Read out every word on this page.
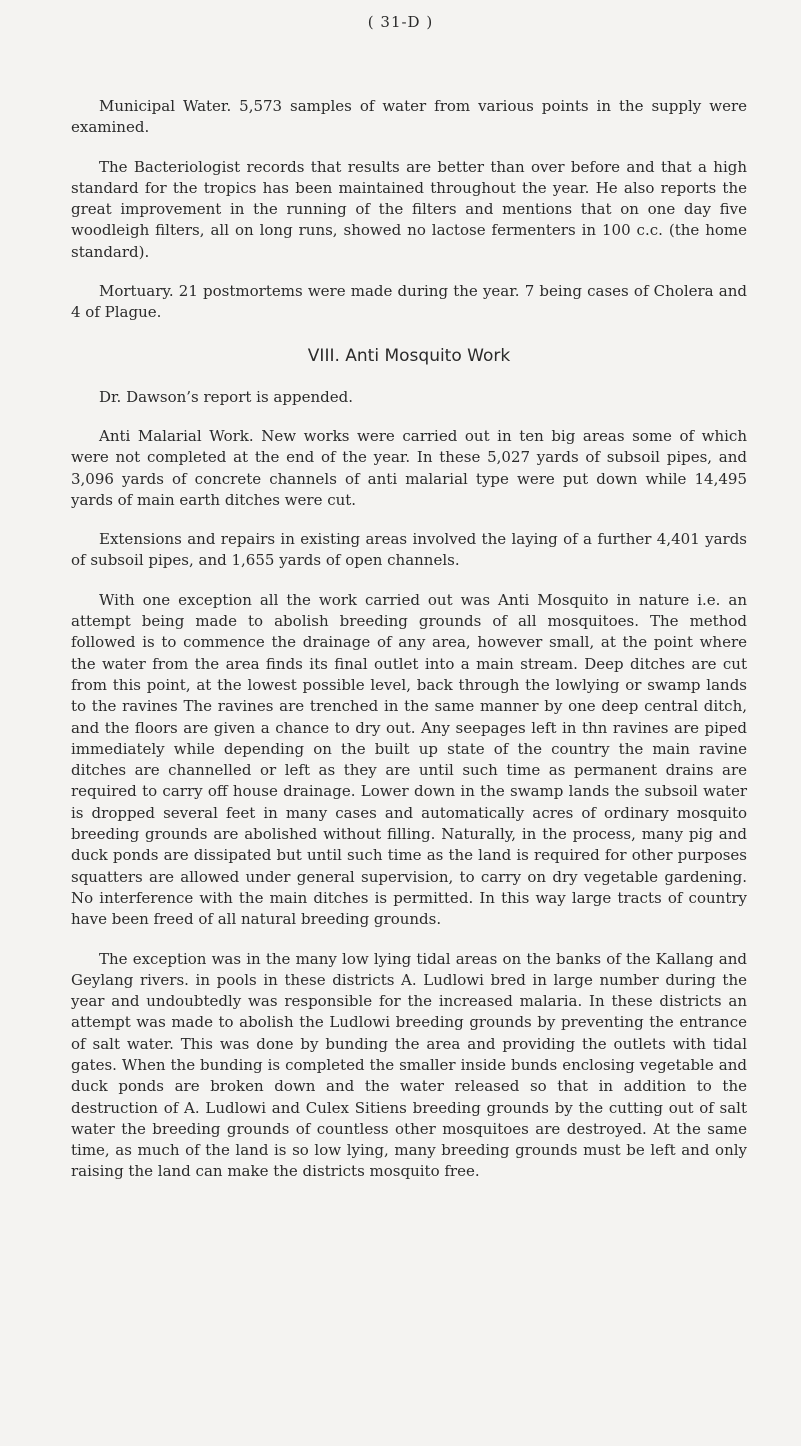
( 31-D )

Municipal Water. 5,573 samples of water from various points in the supply were examined.

The Bacteriologist records that results are better than over before and that a high standard for the tropics has been maintained throughout the year. He also reports the great improvement in the running of the filters and mentions that on one day five woodleigh filters, all on long runs, showed no lactose fermenters in 100 c.c. (the home standard).

Mortuary. 21 postmortems were made during the year. 7 being cases of Cholera and 4 of Plague.

VIII. Anti Mosquito Work

Dr. Dawson’s report is appended.

Anti Malarial Work. New works were carried out in ten big areas some of which were not completed at the end of the year. In these 5,027 yards of subsoil pipes, and 3,096 yards of concrete channels of anti malarial type were put down while 14,495 yards of main earth ditches were cut.

Extensions and repairs in existing areas involved the laying of a further 4,401 yards of subsoil pipes, and 1,655 yards of open channels.

With one exception all the work carried out was Anti Mosquito in nature i.e. an attempt being made to abolish breeding grounds of all mosquitoes. The method followed is to commence the drainage of any area, however small, at the point where the water from the area finds its final outlet into a main stream. Deep ditches are cut from this point, at the lowest possible level, back through the lowlying or swamp lands to the ravines The ravines are trenched in the same manner by one deep central ditch, and the floors are given a chance to dry out. Any seepages left in thn ravines are piped immediately while depending on the built up state of the country the main ravine ditches are channelled or left as they are until such time as permanent drains are required to carry off house drainage. Lower down in the swamp lands the subsoil water is dropped several feet in many cases and automatically acres of ordinary mosquito breeding grounds are abolished without filling. Naturally, in the process, many pig and duck ponds are dissipated but until such time as the land is required for other purposes squatters are allowed under general supervision, to carry on dry vegetable gardening. No interference with the main ditches is permitted. In this way large tracts of country have been freed of all natural breeding grounds.

The exception was in the many low lying tidal areas on the banks of the Kallang and Geylang rivers. in pools in these districts A. Ludlowi bred in large number during the year and undoubtedly was responsible for the increased malaria. In these districts an attempt was made to abolish the Ludlowi breeding grounds by preventing the entrance of salt water. This was done by bunding the area and providing the outlets with tidal gates. When the bunding is completed the smaller inside bunds enclosing vegetable and duck ponds are broken down and the water released so that in addition to the destruction of A. Ludlowi and Culex Sitiens breeding grounds by the cutting out of salt water the breeding grounds of countless other mosquitoes are destroyed. At the same time, as much of the land is so low lying, many breeding grounds must be left and only raising the land can make the districts mosquito free.
